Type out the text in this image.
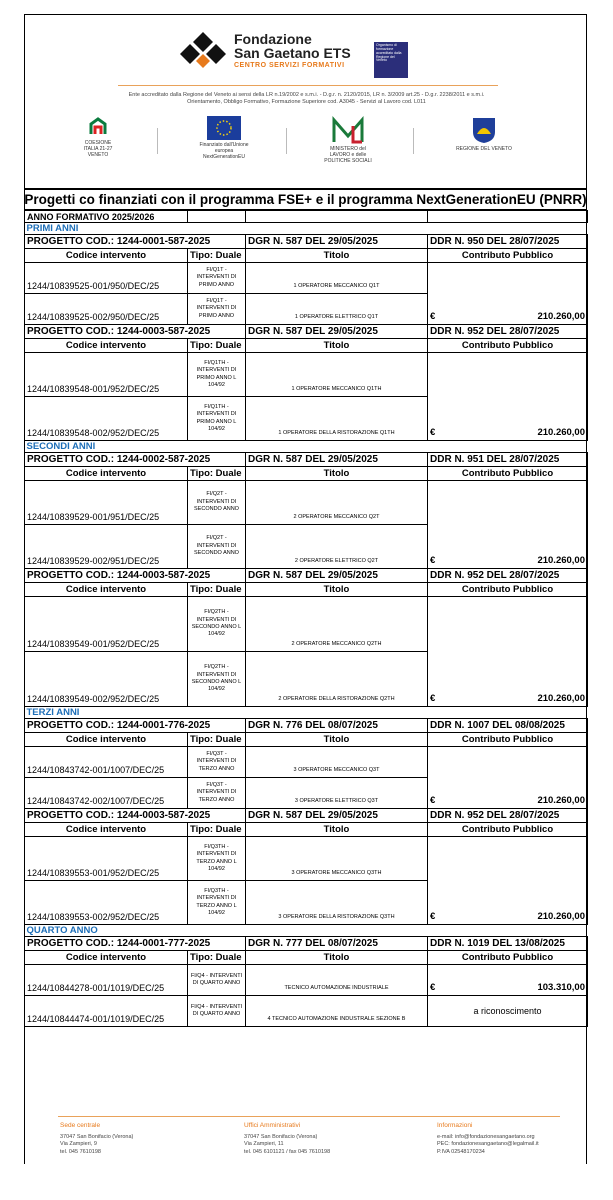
Fondazione
San Gaetano ETS
CENTRO SERVIZI FORMATIVI
Organismo di formazione accreditato dalla Regione del Veneto
Ente accreditato dalla Regione del Veneto ai sensi della LR n.19/2002 e s.m.i. - D.g.r. n. 2120/2015, LR n. 3/2009 art.25 - D.g.r. 2238/2011 e s.m.i.
Orientamento, Obbligo Formativo, Formazione Superiore cod. A3045 - Servizi al Lavoro cod. L011
COESIONE ITALIA 21-27 VENETO
Finanziato dall'Unione europea NextGenerationEU
MINISTERO del LAVORO e delle POLITICHE SOCIALI
REGIONE DEL VENETO
Progetti co finanziati con il programma FSE+ e il programma NextGenerationEU (PNRR)
ANNO FORMATIVO 2025/2026			
PRIMI ANNI			
PROGETTO COD.: 1244-0001-587-2025		DGR N. 587 DEL 29/05/2025	DDR N. 950 DEL 28/07/2025
Codice intervento	Tipo: Duale	Titolo	Contributo Pubblico
1244/10839525-001/950/DEC/25	FI/Q1T - INTERVENTI DI PRIMO ANNO	1 OPERATORE MECCANICO Q1T	
1244/10839525-002/950/DEC/25	FI/Q1T - INTERVENTI DI PRIMO ANNO	1 OPERATORE ELETTRICO Q1T	€ 210.260,00

PROGETTO COD.: 1244-0003-587-2025		DGR N. 587 DEL 29/05/2025	DDR N. 952 DEL 28/07/2025
Codice intervento	Tipo: Duale	Titolo	Contributo Pubblico
1244/10839548-001/952/DEC/25	FI/Q1TH - INTERVENTI DI PRIMO ANNO L 104/92	1 OPERATORE MECCANICO Q1TH	
1244/10839548-002/952/DEC/25	FI/Q1TH - INTERVENTI DI PRIMO ANNO L 104/92	1 OPERATORE DELLA RISTORAZIONE Q1TH	€ 210.260,00

SECONDI ANNI			
PROGETTO COD.: 1244-0002-587-2025		DGR N. 587 DEL 29/05/2025	DDR N. 951 DEL 28/07/2025
Codice intervento	Tipo: Duale	Titolo	Contributo Pubblico
1244/10839529-001/951/DEC/25	FI/Q2T - INTERVENTI DI SECONDO ANNO	2 OPERATORE MECCANICO Q2T	
1244/10839529-002/951/DEC/25	FI/Q2T - INTERVENTI DI SECONDO ANNO	2 OPERATORE ELETTRICO Q2T	€ 210.260,00

PROGETTO COD.: 1244-0003-587-2025		DGR N. 587 DEL 29/05/2025	DDR N. 952 DEL 28/07/2025
Codice intervento	Tipo: Duale	Titolo	Contributo Pubblico
1244/10839549-001/952/DEC/25	FI/Q2TH - INTERVENTI DI SECONDO ANNO L 104/92	2 OPERATORE MECCANICO Q2TH	
1244/10839549-002/952/DEC/25	FI/Q2TH - INTERVENTI DI SECONDO ANNO L 104/92	2 OPERATORE DELLA RISTORAZIONE Q2TH	€ 210.260,00

TERZI ANNI			
PROGETTO COD.: 1244-0001-776-2025		DGR N. 776 DEL 08/07/2025	DDR N. 1007 DEL 08/08/2025
Codice intervento	Tipo: Duale	Titolo	Contributo Pubblico
1244/10843742-001/1007/DEC/25	FI/Q3T - INTERVENTI DI TERZO ANNO	3 OPERATORE MECCANICO Q3T	
1244/10843742-002/1007/DEC/25	FI/Q3T - INTERVENTI DI TERZO ANNO	3 OPERATORE ELETTRICO Q3T	€ 210.260,00

PROGETTO COD.: 1244-0003-587-2025		DGR N. 587 DEL 29/05/2025	DDR N. 952 DEL 28/07/2025
Codice intervento	Tipo: Duale	Titolo	Contributo Pubblico
1244/10839553-001/952/DEC/25	FI/Q3TH - INTERVENTI DI TERZO ANNO L 104/92	3 OPERATORE MECCANICO Q3TH	
1244/10839553-002/952/DEC/25	FI/Q3TH - INTERVENTI DI TERZO ANNO L 104/92	3 OPERATORE DELLA RISTORAZIONE Q3TH	€ 210.260,00

QUARTO ANNO			
PROGETTO COD.: 1244-0001-777-2025		DGR N. 777 DEL 08/07/2025	DDR N. 1019 DEL 13/08/2025
Codice intervento	Tipo: Duale	Titolo	Contributo Pubblico
1244/10844278-001/1019/DEC/25	FI/Q4 - INTERVENTI DI QUARTO ANNO	TECNICO AUTOMAZIONE INDUSTRIALE	€ 103.310,00

1244/10844474-001/1019/DEC/25	FI/Q4 - INTERVENTI DI QUARTO ANNO	4 TECNICO AUTOMAZIONE INDUSTRALE SEZIONE B	a riconoscimento
Sede centrale
37047 San Bonifacio (Verona)
Via Zampieri, 9
tel. 045 7610198
Uffici Amministrativi
37047 San Bonifacio (Verona)
Via Zampieri, 11
tel. 045 6101121 / fax 045 7610198
Informazioni
e-mail: info@fondazionesangaetano.org
PEC: fondazionesangaetano@legalmail.it
P.IVA 02548170234
